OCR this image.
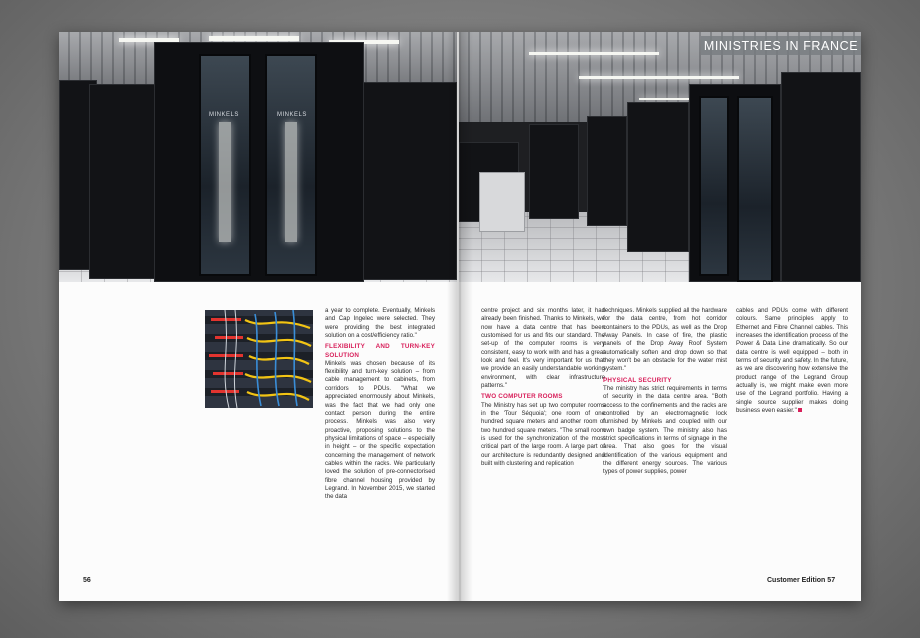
MINKELS	MINKELS

a year to complete. Eventually, Minkels and Cap Ingelec were selected. They were providing the best integrated solution on a cost/efficiency ratio."

FLEXIBILITY AND TURN-KEY SOLUTION

Minkels was chosen because of its flexibility and turn-key solution – from cable management to cabinets, from corridors to PDUs. "What we appreciated enormously about Minkels, was the fact that we had only one contact person during the entire process. Minkels was also very proactive, proposing solutions to the physical limitations of space – especially in height – or the specific expectation concerning the management of network cables within the racks. We particularly loved the solution of pre-connectorised fibre channel housing provided by Legrand. In November 2015, we started the data

56
MINISTRIES IN FRANCE

centre project and six months later, it had already been finished. Thanks to Minkels, we now have a data centre that has been customised for us and fits our standard. The set-up of the computer rooms is very consistent, easy to work with and has a great look and feel. It's very important for us that we provide an easily understandable working environment, with clear infrastructure patterns."

TWO COMPUTER ROOMS

The Ministry has set up two computer rooms in the 'Tour Séquoia'; one room of one hundred square meters and another room of two hundred square meters. "The small room is used for the synchronization of the most critical part of the large room. A large part of our architecture is redundantly designed and built with clustering and replication

techniques. Minkels supplied all the hardware for the data centre, from hot corridor containers to the PDUs, as well as the Drop Away Panels. In case of fire, the plastic panels of the Drop Away Roof System automatically soften and drop down so that they won't be an obstacle for the water mist system."

PHYSICAL SECURITY

The ministry has strict requirements in terms of security in the data centre area. "Both access to the confinements and the racks are controlled by an electromagnetic lock furnished by Minkels and coupled with our own badge system. The ministry also has strict specifications in terms of signage in the area. That also goes for the visual identification of the various equipment and the different energy sources. The various types of power supplies, power

cables and PDUs come with different colours. Same principles apply to Ethernet and Fibre Channel cables. This increases the identification process of the Power & Data Line dramatically. So our data centre is well equipped – both in terms of security and safety. In the future, as we are discovering how extensive the product range of the Legrand Group actually is, we might make even more use of the Legrand portfolio. Having a single source supplier makes doing business even easier."

Customer Edition 57
